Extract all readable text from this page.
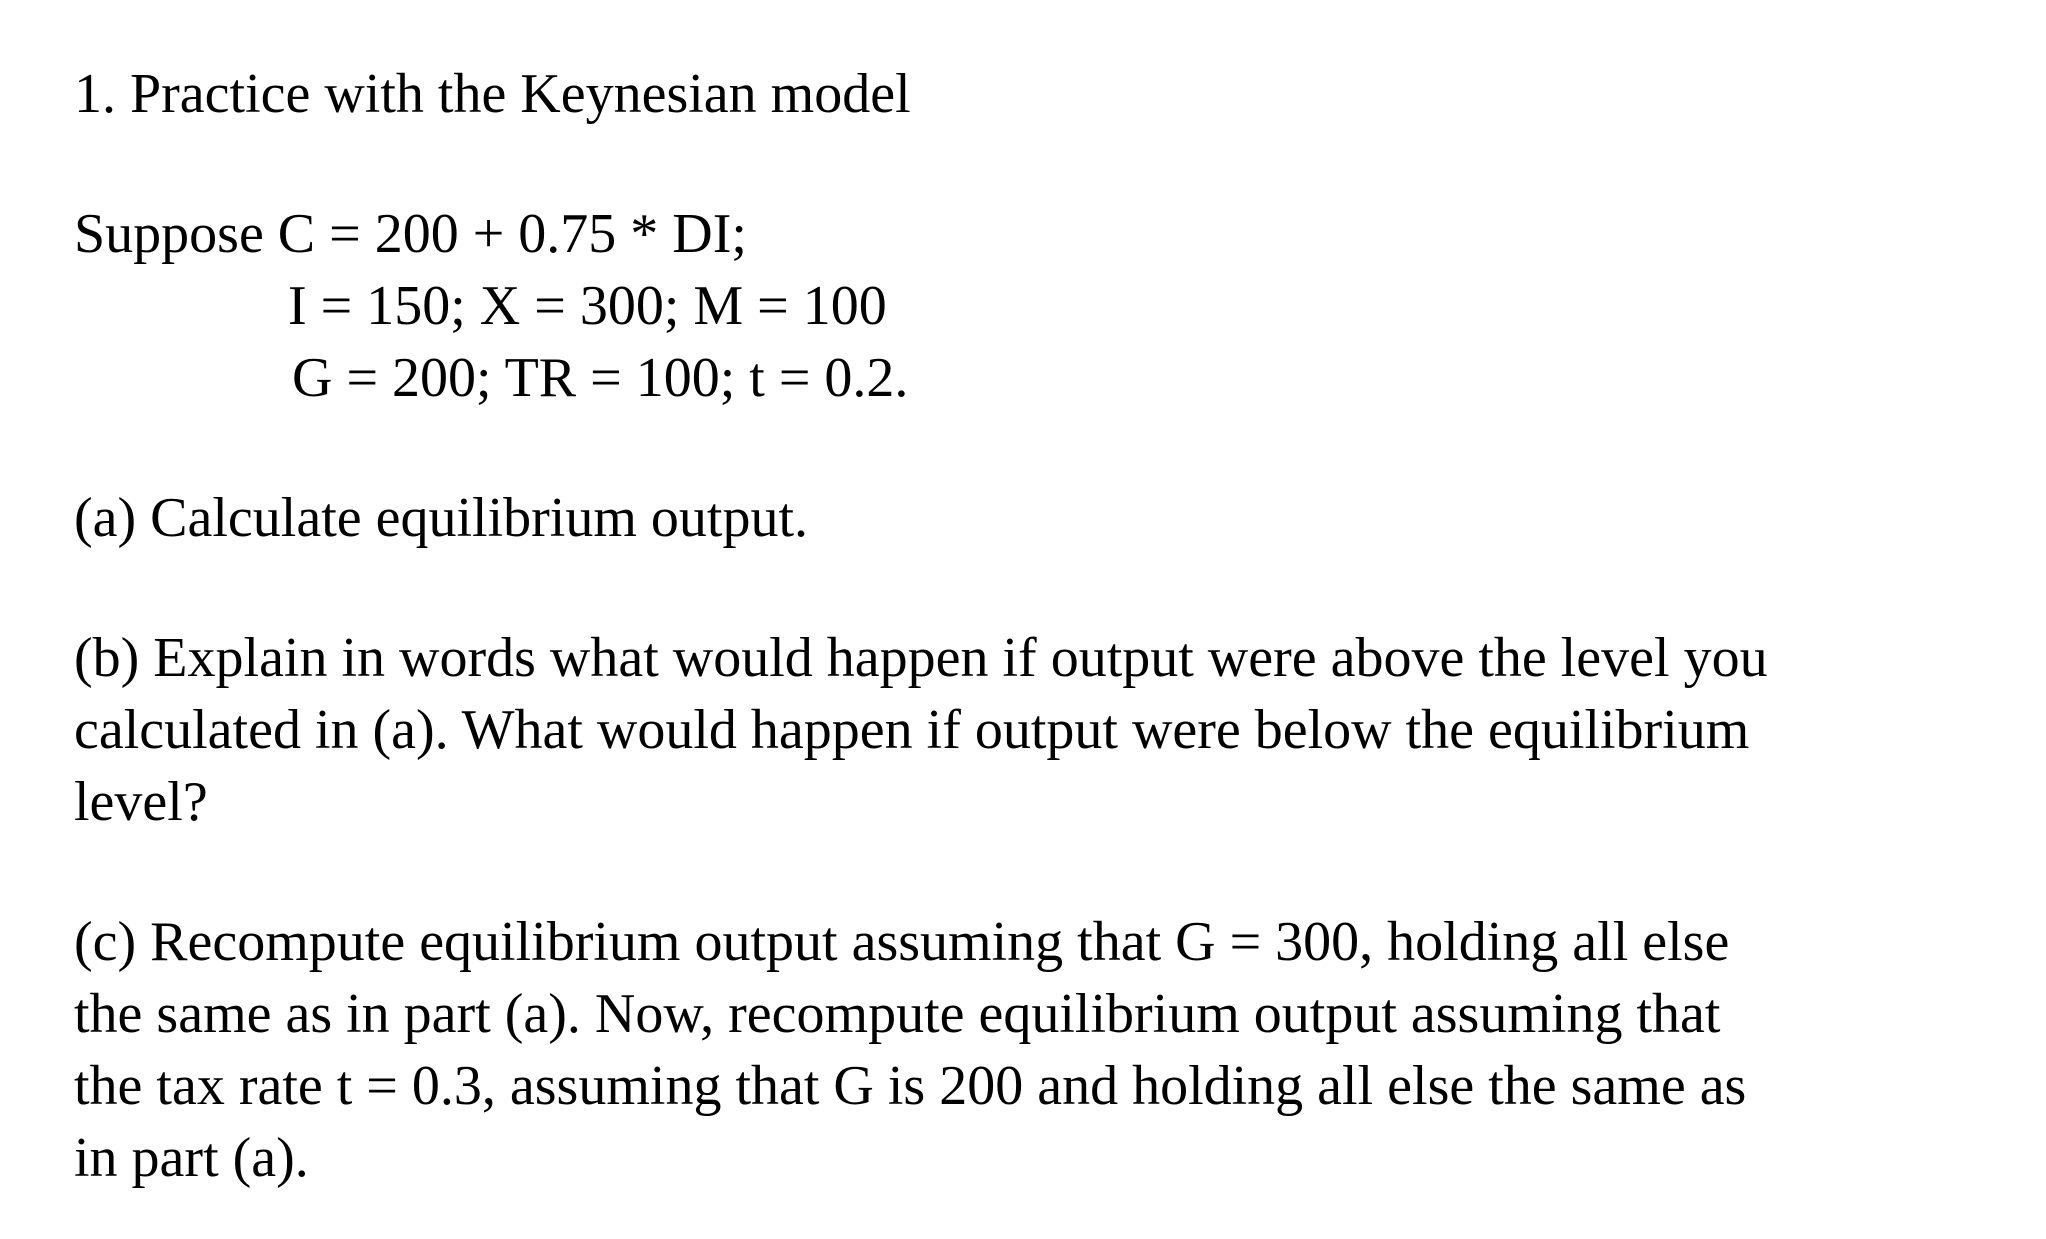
1. Practice with the Keynesian model
Suppose C = 200 + 0.75 * DI;
I = 150; X = 300; M = 100
G = 200; TR = 100; t = 0.2.
(a) Calculate equilibrium output.
(b) Explain in words what would happen if output were above the level you
calculated in (a). What would happen if output were below the equilibrium
level?
(c) Recompute equilibrium output assuming that G = 300, holding all else
the same as in part (a). Now, recompute equilibrium output assuming that
the tax rate t = 0.3, assuming that G is 200 and holding all else the same as
in part (a).
